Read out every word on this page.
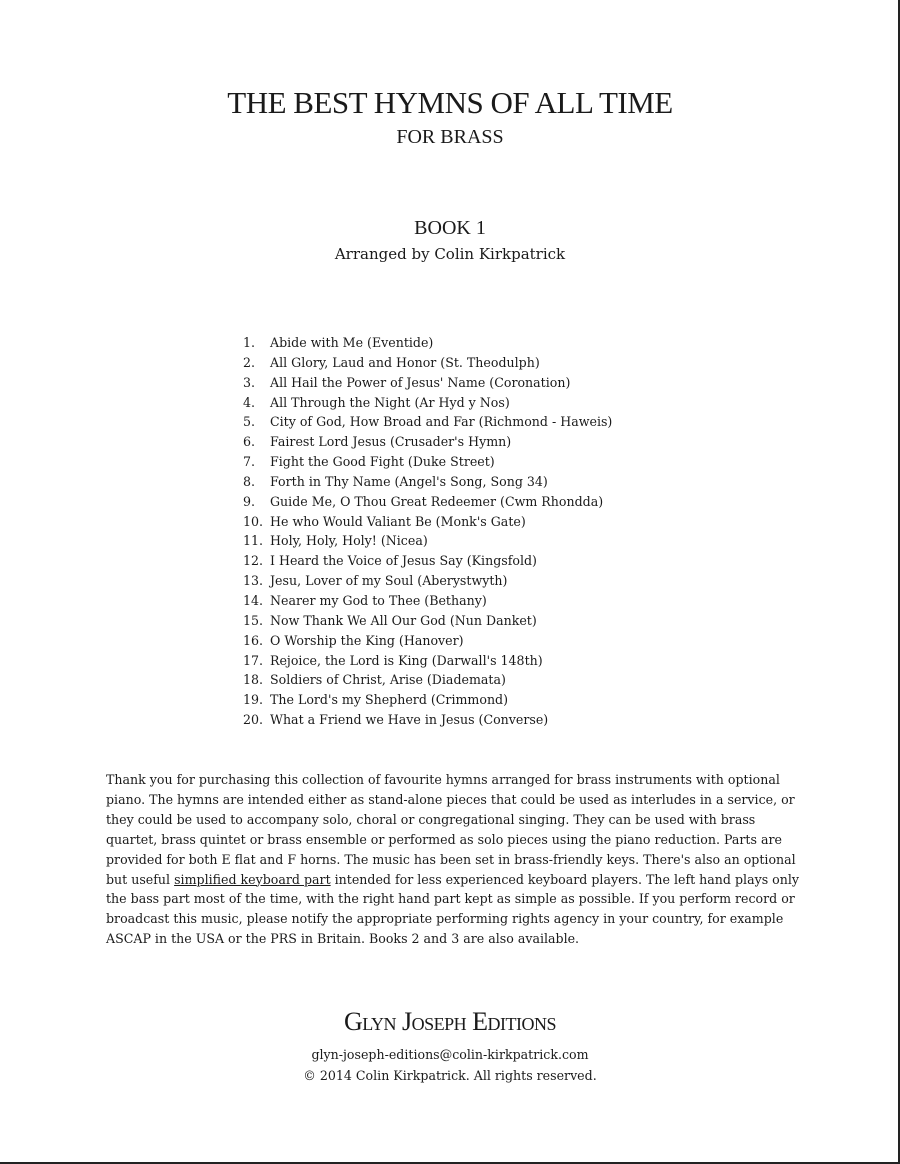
THE BEST HYMNS OF ALL TIME
FOR BRASS
BOOK 1
Arranged by Colin Kirkpatrick
1. Abide with Me (Eventide)
2. All Glory, Laud and Honor (St. Theodulph)
3. All Hail the Power of Jesus' Name (Coronation)
4. All Through the Night (Ar Hyd y Nos)
5. City of God, How Broad and Far (Richmond - Haweis)
6. Fairest Lord Jesus (Crusader's Hymn)
7. Fight the Good Fight (Duke Street)
8. Forth in Thy Name (Angel's Song, Song 34)
9. Guide Me, O Thou Great Redeemer (Cwm Rhondda)
10. He who Would Valiant Be (Monk's Gate)
11. Holy, Holy, Holy! (Nicea)
12. I Heard the Voice of Jesus Say (Kingsfold)
13. Jesu, Lover of my Soul (Aberystwyth)
14. Nearer my God to Thee (Bethany)
15. Now Thank We All Our God (Nun Danket)
16. O Worship the King (Hanover)
17. Rejoice, the Lord is King (Darwall's 148th)
18. Soldiers of Christ, Arise (Diademata)
19. The Lord's my Shepherd (Crimmond)
20. What a Friend we Have in Jesus (Converse)

Thank you for purchasing this collection of favourite hymns arranged for brass instruments with optional piano. The hymns are intended either as stand-alone pieces that could be used as interludes in a service, or they could be used to accompany solo, choral or congregational singing. They can be used with brass quartet, brass quintet or brass ensemble or performed as solo pieces using the piano reduction. Parts are provided for both E flat and F horns. The music has been set in brass-friendly keys. There's also an optional but useful simplified keyboard part intended for less experienced keyboard players. The left hand plays only the bass part most of the time, with the right hand part kept as simple as possible. If you perform record or broadcast this music, please notify the appropriate performing rights agency in your country, for example ASCAP in the USA or the PRS in Britain. Books 2 and 3 are also available.

Glyn Joseph Editions
glyn-joseph-editions@colin-kirkpatrick.com
© 2014 Colin Kirkpatrick. All rights reserved.
